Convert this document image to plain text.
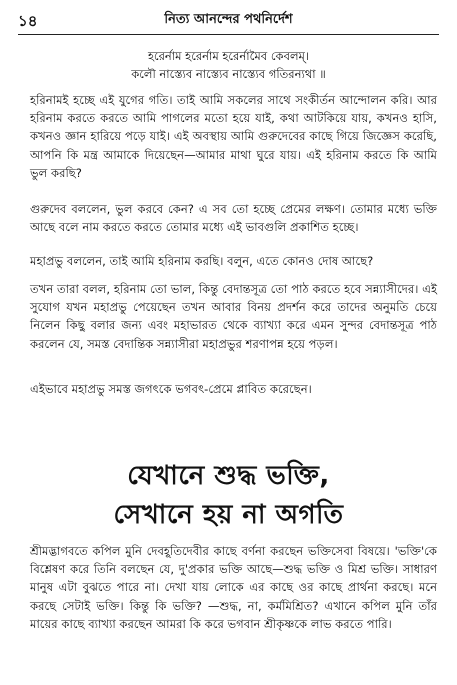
১৪	নিত্য আনন্দের পথনির্দেশ
হরের্নাম হরের্নাম হরের্নামৈব কেবলম্‌।
কলৌ নাস্ত্যেব নাস্ত্যেব নাস্ত্যেব গতিরন্যথা ॥

হরিনামই হচ্ছে এই যুগের গতি। তাই আমি সকলের সাথে সংকীর্তন আন্দোলন করি। আর হরিনাম করতে করতে আমি পাগলের মতো হয়ে যাই, কথা আটকিয়ে যায়, কখনও হাসি, কখনও জ্ঞান হারিয়ে পড়ে যাই। এই অবস্থায় আমি গুরুদেবের কাছে গিয়ে জিজ্ঞেস করেছি, আপনি কি মন্ত্র আমাকে দিয়েছেন—আমার মাথা ঘুরে যায়। এই হরিনাম করতে কি আমি ভুল করছি?

গুরুদেব বললেন, ভুল করবে কেন? এ সব তো হচ্ছে প্রেমের লক্ষণ। তোমার মধ্যে ভক্তি আছে বলে নাম করতে করতে তোমার মধ্যে এই ভাবগুলি প্রকাশিত হচ্ছে।

মহাপ্রভু বললেন, তাই আমি হরিনাম করছি। বলুন, এতে কোনও দোষ আছে?

তখন তারা বলল, হরিনাম তো ভাল, কিন্তু বেদান্তসূত্র তো পাঠ করতে হবে সন্ন্যাসীদের। এই সুযোগ যখন মহাপ্রভু পেয়েছেন তখন আবার বিনয় প্রদর্শন করে তাদের অনুমতি চেয়ে নিলেন কিছু বলার জন্য এবং মহাভারত থেকে ব্যাখ্যা করে এমন সুন্দর বেদান্তসূত্র পাঠ করলেন যে, সমস্ত বেদান্তিক সন্ন্যাসীরা মহাপ্রভুর শরণাপন্ন হয়ে পড়ল।

এইভাবে মহাপ্রভু সমস্ত জগৎকে ভগবৎ-প্রেমে প্লাবিত করেছেন।

যেখানে শুদ্ধ ভক্তি,
সেখানে হয় না অগতি

শ্রীমদ্ভাগবতে কপিল মুনি দেবহূতিদেবীর কাছে বর্ণনা করছেন ভক্তিসেবা বিষয়ে। 'ভক্তি'কে বিশ্লেষণ করে তিনি বলছেন যে, দু'প্রকার ভক্তি আছে—শুদ্ধ ভক্তি ও মিশ্র ভক্তি। সাধারণ মানুষ এটা বুঝতে পারে না। দেখা যায় লোকে এর কাছে ওর কাছে প্রার্থনা করছে। মনে করছে সেটাই ভক্তি। কিন্তু কি ভক্তি? —শুদ্ধ, না, কর্মমিশ্রিত? এখানে কপিল মুনি তাঁর মায়ের কাছে ব্যাখ্যা করছেন আমরা কি করে ভগবান শ্রীকৃষ্ণকে লাভ করতে পারি।
